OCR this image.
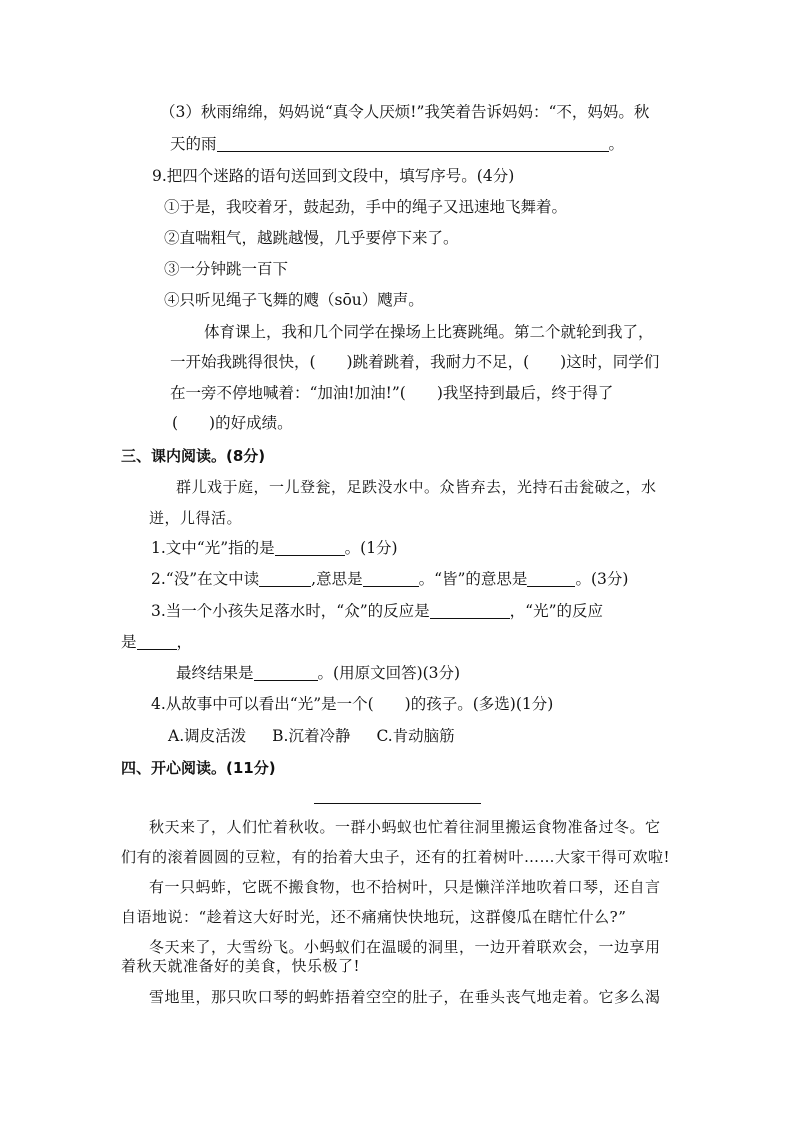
（3）秋雨绵绵，妈妈说“真令人厌烦!”我笑着告诉妈妈：“不，妈妈。秋
天的雨	。
9.把四个迷路的语句送回到文段中，填写序号。(4分)
①于是，我咬着牙，鼓起劲，手中的绳子又迅速地飞舞着。
②直喘粗气，越跳越慢，几乎要停下来了。
③一分钟跳一百下
④只听见绳子飞舞的飕（sōu）飕声。
体育课上，我和几个同学在操场上比赛跳绳。第二个就轮到我了，
一开始我跳得很快，(　　)跳着跳着，我耐力不足，(　　)这时，同学们
在一旁不停地喊着：“加油!加油!”(　　)我坚持到最后，终于得了
(　　)的好成绩。
三、课内阅读。(8分)
群儿戏于庭，一儿登瓮，足跌没水中。众皆弃去，光持石击瓮破之，水
迸，儿得活。
1.文中“光”指的是	。(1分)
2.“没”在文中读	,意思是	。“皆”的意思是	。(3分)
3.当一个小孩失足落水时，“众”的反应是	，“光”的反应
是	，
最终结果是	。(用原文回答)(3分)
4.从故事中可以看出“光”是一个(　　)的孩子。(多选)(1分)
A.调皮活泼 B.沉着冷静 C.肯动脑筋
四、开心阅读。(11分)
秋天来了，人们忙着秋收。一群小蚂蚁也忙着往洞里搬运食物准备过冬。它
们有的滚着圆圆的豆粒，有的抬着大虫子，还有的扛着树叶……大家干得可欢啦!
有一只蚂蚱，它既不搬食物，也不拾树叶，只是懒洋洋地吹着口琴，还自言
自语地说：“趁着这大好时光，还不痛痛快快地玩，这群傻瓜在瞎忙什么?”
冬天来了，大雪纷飞。小蚂蚁们在温暖的洞里，一边开着联欢会，一边享用
着秋天就准备好的美食，快乐极了!
雪地里，那只吹口琴的蚂蚱捂着空空的肚子，在垂头丧气地走着。它多么渴
